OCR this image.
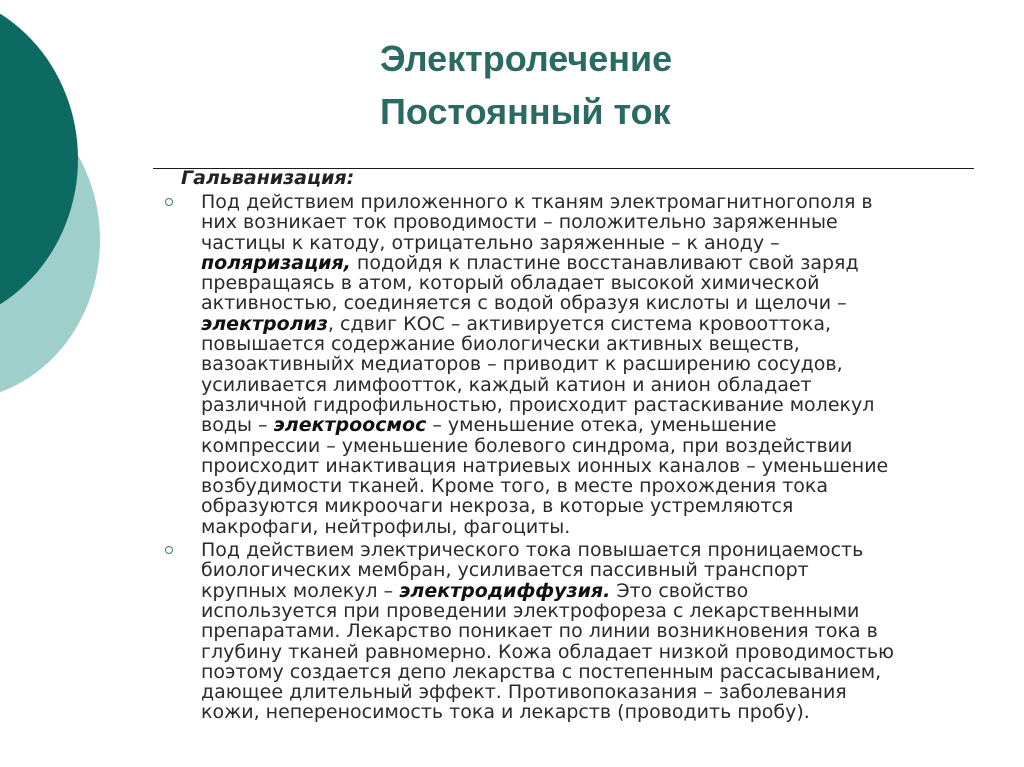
Электролечение
Постоянный ток
Гальванизация:
Под действием приложенного к тканям электромагнитногополя в
них возникает ток проводимости – положительно заряженные
частицы к катоду, отрицательно заряженные – к аноду –
поляризация, подойдя к пластине восстанавливают свой заряд
превращаясь в атом, который обладает высокой химической
активностью, соединяется с водой образуя кислоты и щелочи –
электролиз, сдвиг КОС – активируется система кровооттока,
повышается содержание биологически активных веществ,
вазоактивныйх медиаторов – приводит к расширению сосудов,
усиливается лимфоотток, каждый катион и анион обладает
различной гидрофильностью, происходит растаскивание молекул
воды – электроосмос – уменьшение отека, уменьшение
компрессии – уменьшение болевого синдрома, при воздействии
происходит инактивация натриевых ионных каналов – уменьшение
возбудимости тканей. Кроме того, в месте прохождения тока
образуются микроочаги некроза, в которые устремляются
макрофаги, нейтрофилы, фагоциты.
Под действием электрического тока повышается проницаемость
биологических мембран, усиливается пассивный транспорт
крупных молекул – электродиффузия. Это свойство
используется при проведении электрофореза с лекарственными
препаратами. Лекарство поникает по линии возникновения тока в
глубину тканей равномерно. Кожа обладает низкой проводимостью
поэтому создается депо лекарства с постепенным рассасыванием,
дающее длительный эффект. Противопоказания – заболевания
кожи, непереносимость тока и лекарств (проводить пробу).
